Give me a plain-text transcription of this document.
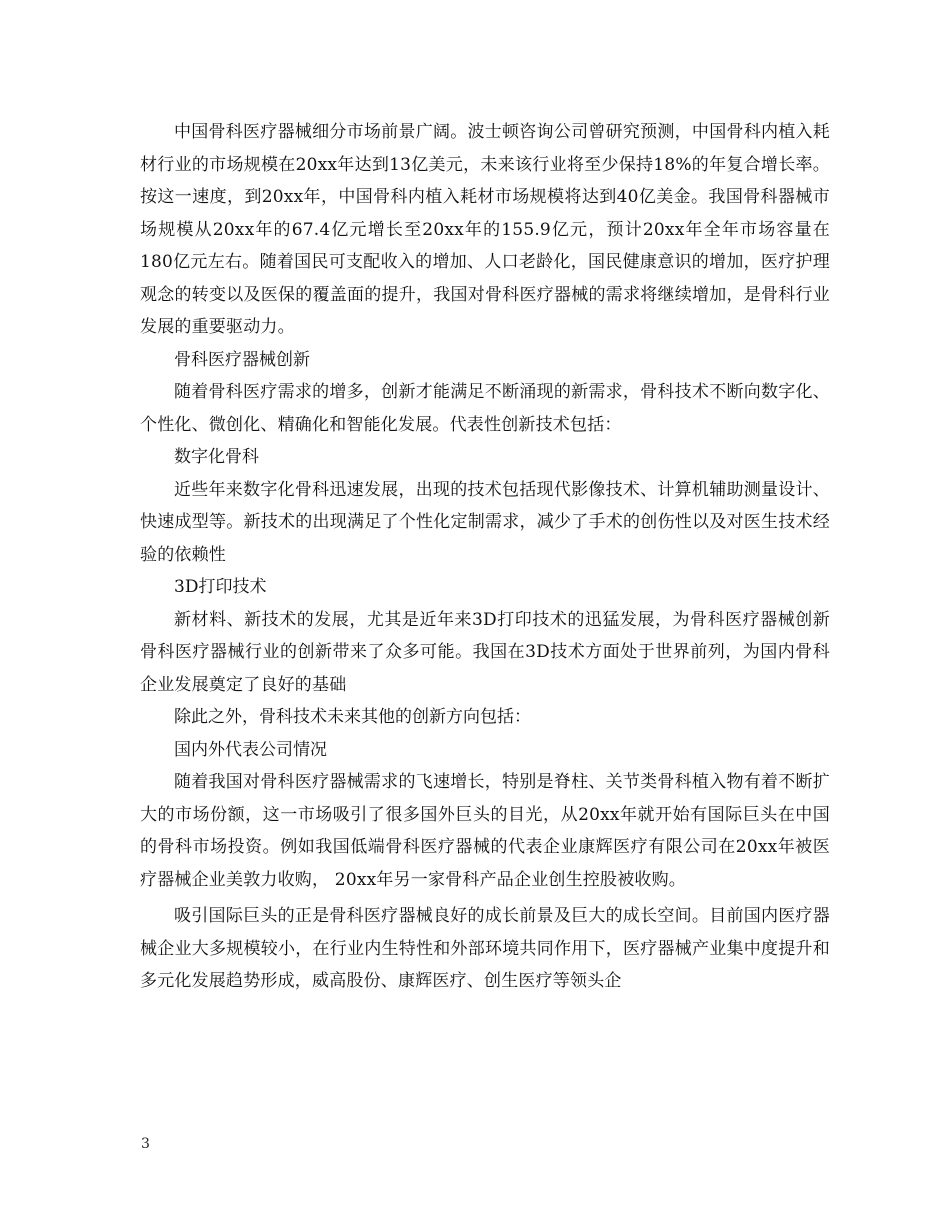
中国骨科医疗器械细分市场前景广阔。波士顿咨询公司曾研究预测，中国骨科内植入耗材行业的市场规模在20xx年达到13亿美元，未来该行业将至少保持18%的年复合增长率。按这一速度，到20xx年，中国骨科内植入耗材市场规模将达到40亿美金。我国骨科器械市场规模从20xx年的67.4亿元增长至20xx年的155.9亿元，预计20xx年全年市场容量在180亿元左右。随着国民可支配收入的增加、人口老龄化，国民健康意识的增加，医疗护理观念的转变以及医保的覆盖面的提升，我国对骨科医疗器械的需求将继续增加，是骨科行业发展的重要驱动力。

骨科医疗器械创新

随着骨科医疗需求的增多，创新才能满足不断涌现的新需求，骨科技术不断向数字化、个性化、微创化、精确化和智能化发展。代表性创新技术包括：

数字化骨科

近些年来数字化骨科迅速发展，出现的技术包括现代影像技术、计算机辅助测量设计、快速成型等。新技术的出现满足了个性化定制需求，减少了手术的创伤性以及对医生技术经验的依赖性

3D打印技术

新材料、新技术的发展，尤其是近年来3D打印技术的迅猛发展，为骨科医疗器械创新骨科医疗器械行业的创新带来了众多可能。我国在3D技术方面处于世界前列，为国内骨科企业发展奠定了良好的基础

除此之外，骨科技术未来其他的创新方向包括：

国内外代表公司情况

随着我国对骨科医疗器械需求的飞速增长，特别是脊柱、关节类骨科植入物有着不断扩大的市场份额，这一市场吸引了很多国外巨头的目光，从20xx年就开始有国际巨头在中国的骨科市场投资。例如我国低端骨科医疗器械的代表企业康辉医疗有限公司在20xx年被医疗器械企业美敦力收购， 20xx年另一家骨科产品企业创生控股被收购。

吸引国际巨头的正是骨科医疗器械良好的成长前景及巨大的成长空间。目前国内医疗器械企业大多规模较小，在行业内生特性和外部环境共同作用下，医疗器械产业集中度提升和多元化发展趋势形成，威高股份、康辉医疗、创生医疗等领头企

3
